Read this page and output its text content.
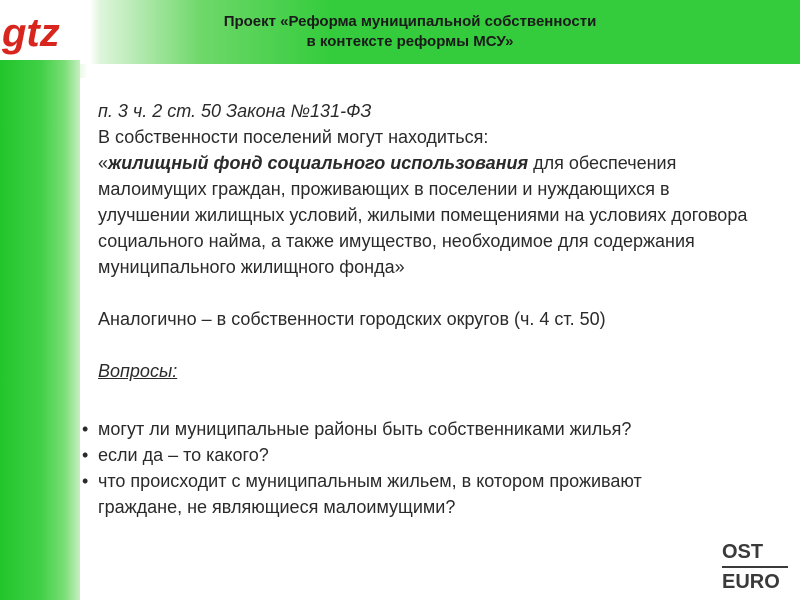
gtz	Проект «Реформа муниципальной собственности
в контексте реформы МСУ»

п. 3 ч. 2 ст. 50 Закона №131-ФЗ

В собственности поселений могут находиться:

«жилищный фонд социального использования для обеспечения малоимущих граждан, проживающих в поселении и нуждающихся в улучшении жилищных условий, жилыми помещениями на условиях договора социального найма, а также имущество, необходимое для содержания муниципального жилищного фонда»

Аналогично – в собственности городских округов (ч. 4 ст. 50)

Вопросы:

• могут ли муниципальные районы быть собственниками жилья?
• если да – то какого?
• что происходит с муниципальным жильем, в котором проживают граждане, не являющиеся малоимущими?
OST
EURO
